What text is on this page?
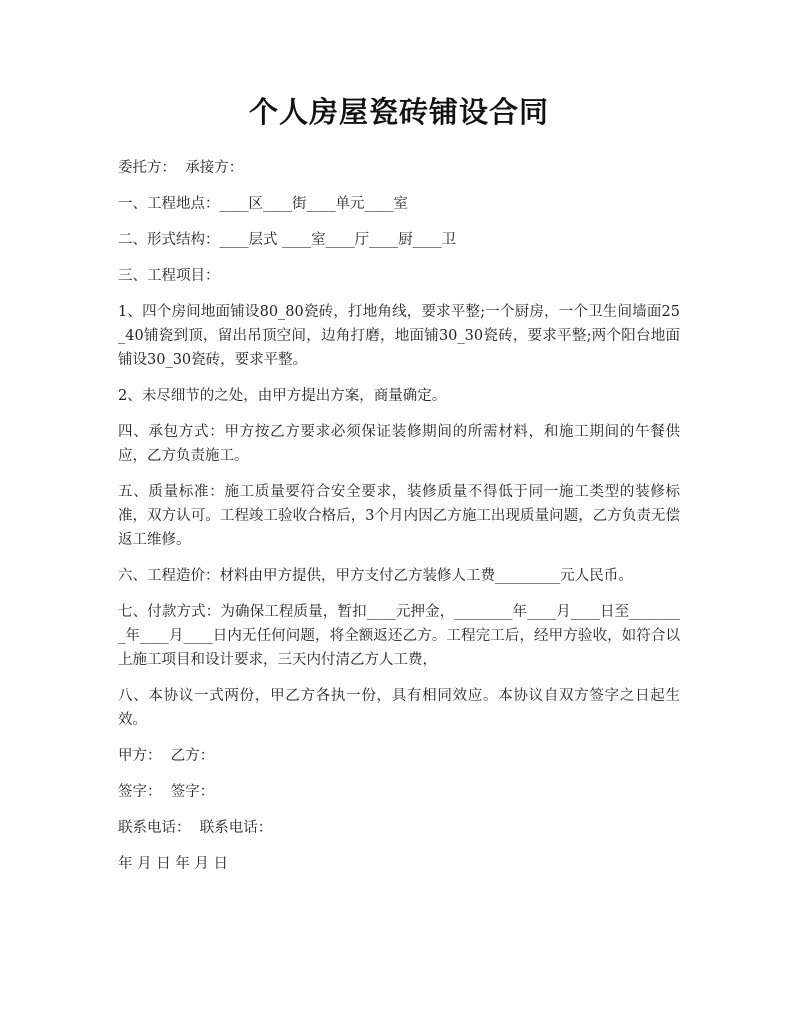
个人房屋瓷砖铺设合同

委托方：  承接方：

一、工程地点：____区____街____单元____室

二、形式结构：____层式 ____室____厅____厨____卫

三、工程项目：

1、四个房间地面铺设80_80瓷砖，打地角线，要求平整;一个厨房，一个卫生间墙面25_40铺瓷到顶，留出吊顶空间，边角打磨，地面铺30_30瓷砖，要求平整;两个阳台地面铺设30_30瓷砖，要求平整。

2、未尽细节的之处，由甲方提出方案，商量确定。

四、承包方式：甲方按乙方要求必须保证装修期间的所需材料，和施工期间的午餐供应，乙方负责施工。

五、质量标准：施工质量要符合安全要求，装修质量不得低于同一施工类型的装修标准，双方认可。工程竣工验收合格后，3个月内因乙方施工出现质量问题，乙方负责无偿返工维修。

六、工程造价：材料由甲方提供，甲方支付乙方装修人工费_________元人民币。

七、付款方式：为确保工程质量，暂扣____元押金，________年____月____日至________年____月____日内无任何问题，将全额返还乙方。工程完工后，经甲方验收，如符合以上施工项目和设计要求，三天内付清乙方人工费，

八、本协议一式两份，甲乙方各执一份，具有相同效应。本协议自双方签字之日起生效。

甲方：  乙方：

签字：  签字：

联系电话：  联系电话：

年 月 日 年 月 日
